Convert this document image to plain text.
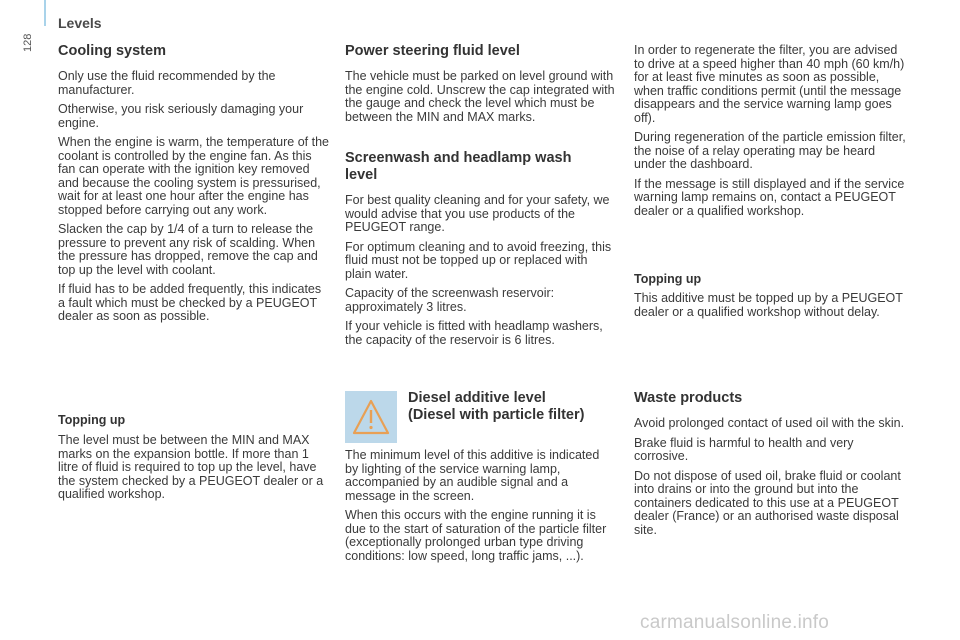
Levels
128 Cooling system

Only use the fluid recommended by the manufacturer.

Otherwise, you risk seriously damaging your engine.

When the engine is warm, the temperature of the coolant is controlled by the engine fan. As this fan can operate with the ignition key removed and because the cooling system is pressurised, wait for at least one hour after the engine has stopped before carrying out any work.

Slacken the cap by 1/4 of a turn to release the pressure to prevent any risk of scalding. When the pressure has dropped, remove the cap and top up the level with coolant.

If fluid has to be added frequently, this indicates a fault which must be checked by a PEUGEOT dealer as soon as possible.

Topping up

The level must be between the MIN and MAX marks on the expansion bottle. If more than 1 litre of fluid is required to top up the level, have the system checked by a PEUGEOT dealer or a qualified workshop.

Power steering fluid level

The vehicle must be parked on level ground with the engine cold. Unscrew the cap integrated with the gauge and check the level which must be between the MIN and MAX marks.

Screenwash and headlamp wash level

For best quality cleaning and for your safety, we would advise that you use products of the PEUGEOT range.

For optimum cleaning and to avoid freezing, this fluid must not be topped up or replaced with plain water.

Capacity of the screenwash reservoir: approximately 3 litres.

If your vehicle is fitted with headlamp washers, the capacity of the reservoir is 6 litres.

Diesel additive level (Diesel with particle filter)

The minimum level of this additive is indicated by lighting of the service warning lamp, accompanied by an audible signal and a message in the screen.

When this occurs with the engine running it is due to the start of saturation of the particle filter (exceptionally prolonged urban type driving conditions: low speed, long traffic jams, ...).

In order to regenerate the filter, you are advised to drive at a speed higher than 40 mph (60 km/h) for at least five minutes as soon as possible, when traffic conditions permit (until the message disappears and the service warning lamp goes off).

During regeneration of the particle emission filter, the noise of a relay operating may be heard under the dashboard.

If the message is still displayed and if the service warning lamp remains on, contact a PEUGEOT dealer or a qualified workshop.

Topping up

This additive must be topped up by a PEUGEOT dealer or a qualified workshop without delay.

Waste products

Avoid prolonged contact of used oil with the skin.

Brake fluid is harmful to health and very corrosive.

Do not dispose of used oil, brake fluid or coolant into drains or into the ground but into the containers dedicated to this use at a PEUGEOT dealer (France) or an authorised waste disposal site.

carmanualsonline.info
